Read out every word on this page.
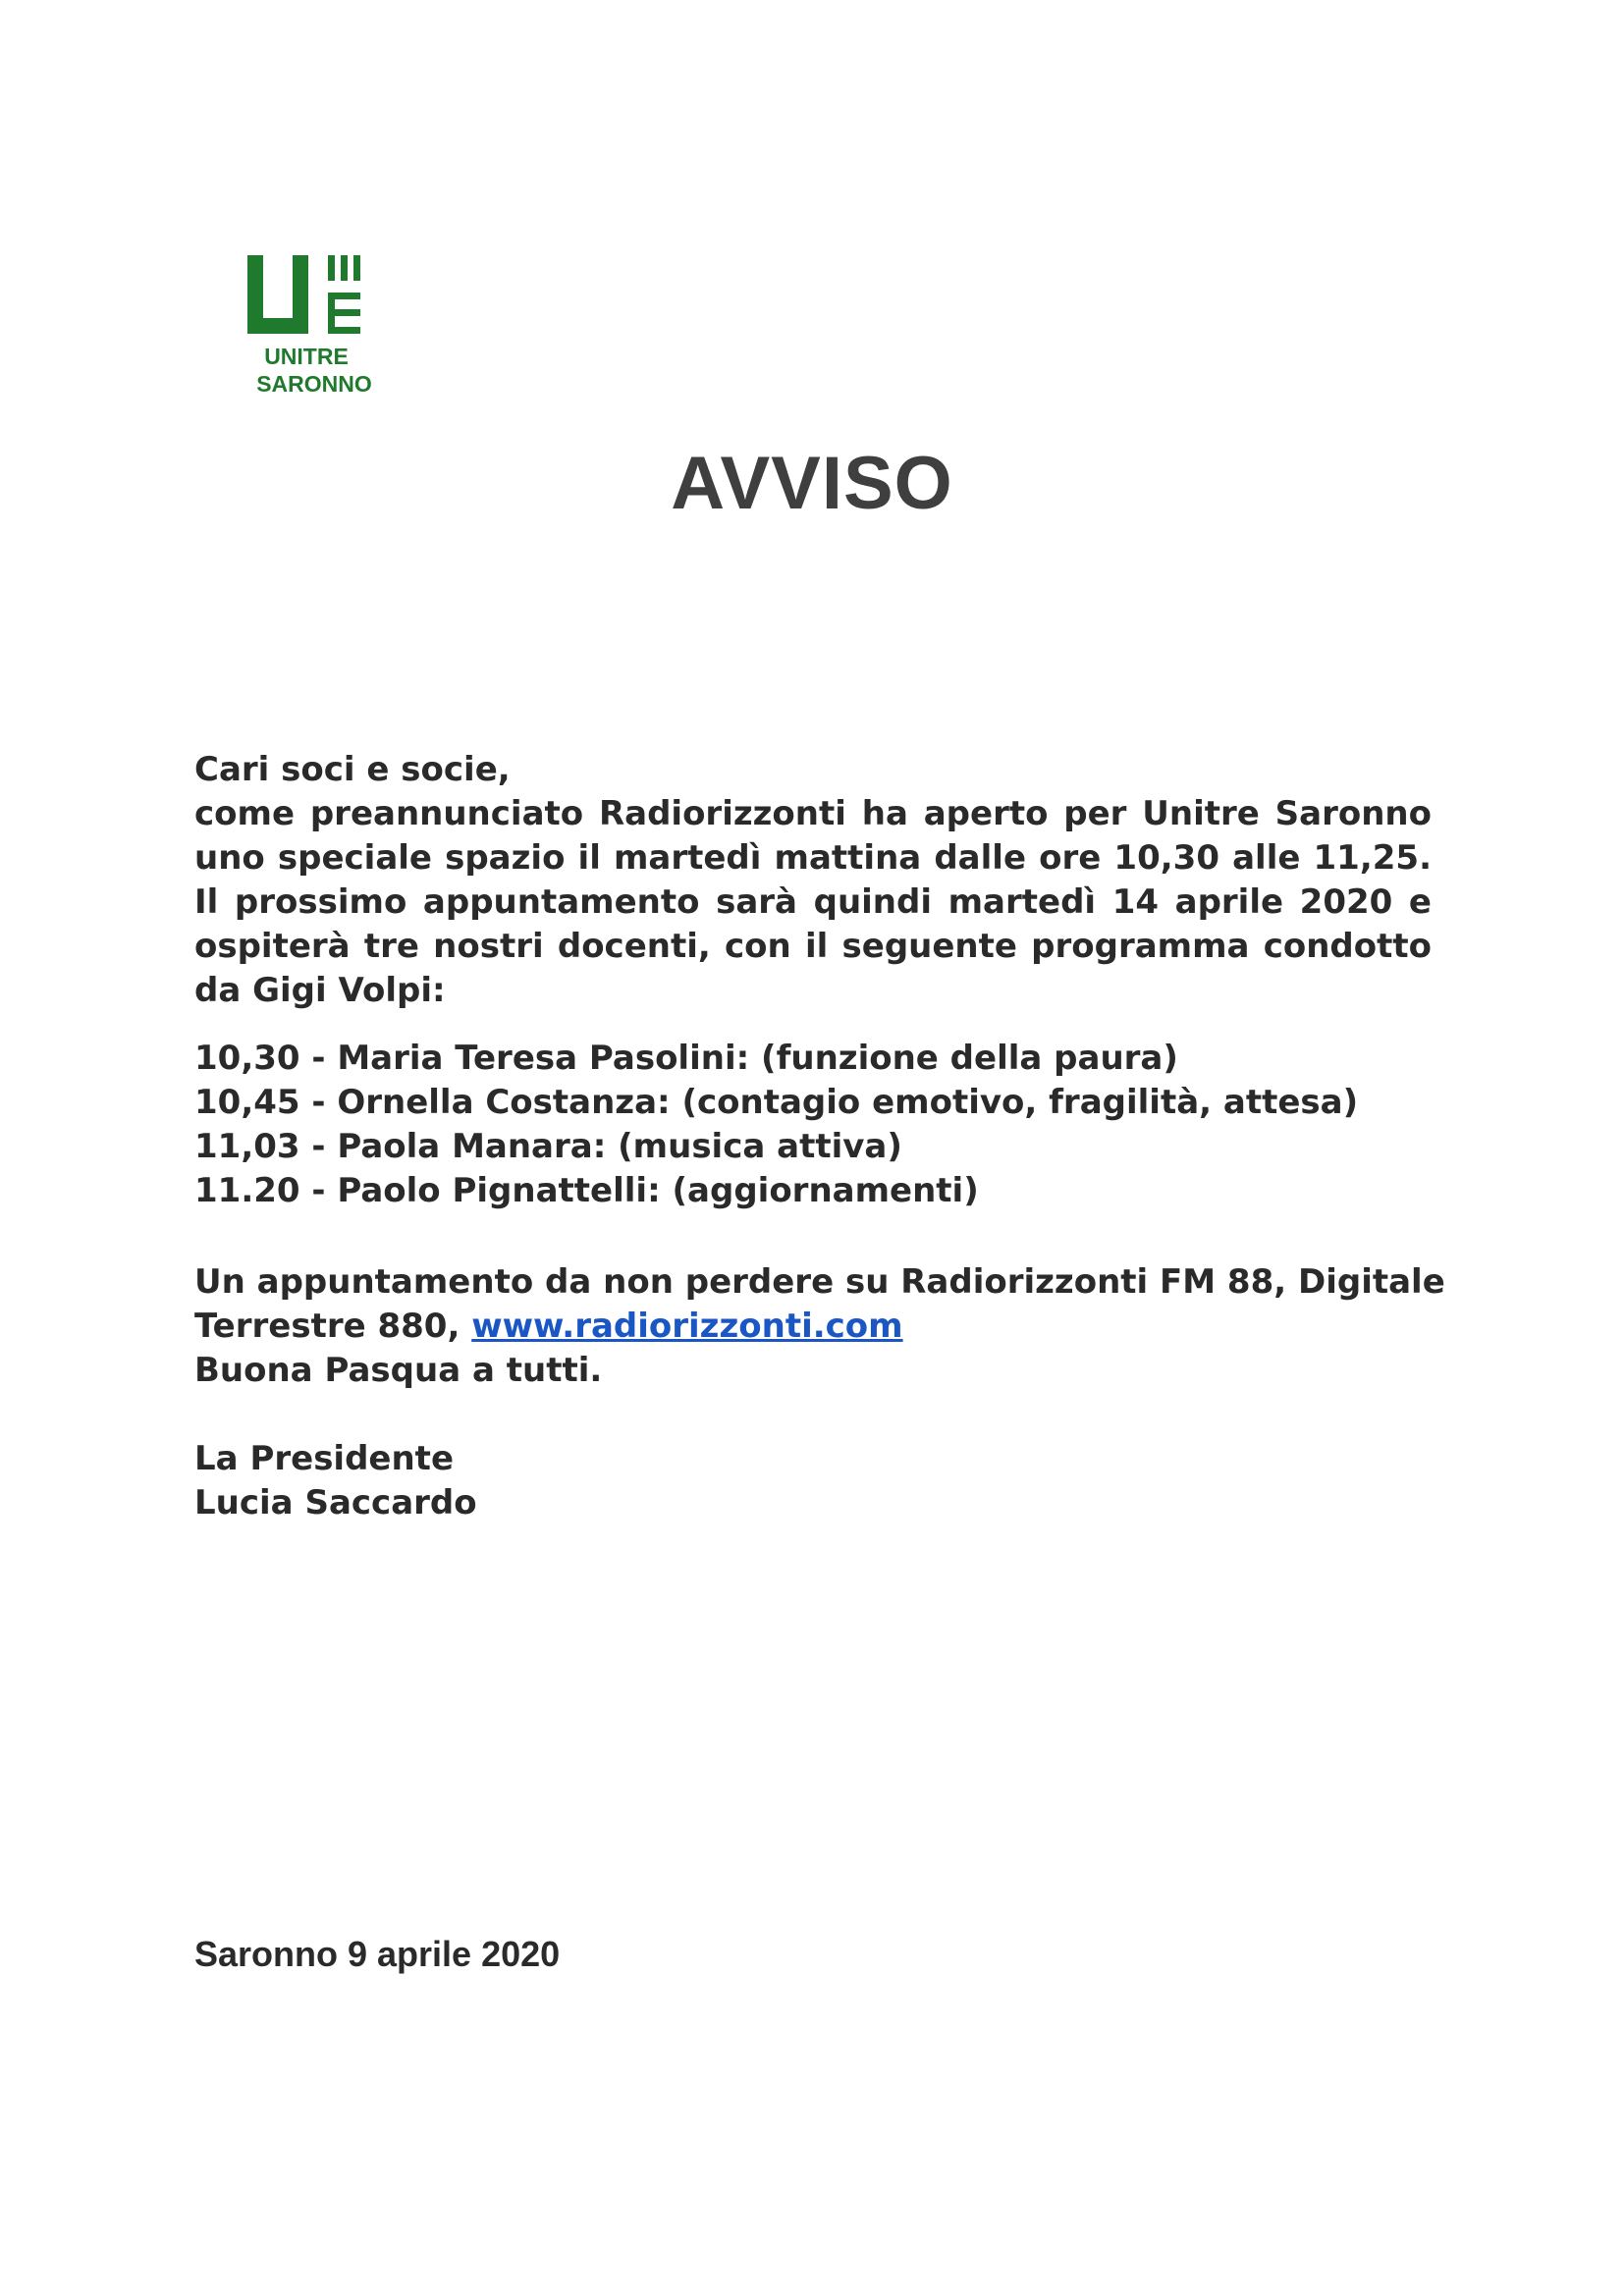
UNITRE
SARONNO
AVVISO
Cari soci e socie,
come preannunciato Radiorizzonti ha aperto per Unitre Saronno uno speciale spazio il martedì mattina dalle ore 10,30 alle 11,25. Il prossimo appuntamento sarà quindi martedì 14 aprile 2020 e ospiterà tre nostri docenti, con il seguente programma condotto da Gigi Volpi:
10,30 - Maria Teresa Pasolini: (funzione della paura)
10,45 - Ornella Costanza: (contagio emotivo, fragilità, attesa)
11,03 - Paola Manara: (musica attiva)
11.20 - Paolo Pignattelli: (aggiornamenti)
Un appuntamento da non perdere su Radiorizzonti FM 88, Digitale
Terrestre 880, www.radiorizzonti.com
Buona Pasqua a tutti.
La Presidente
Lucia Saccardo
Saronno 9 aprile 2020
